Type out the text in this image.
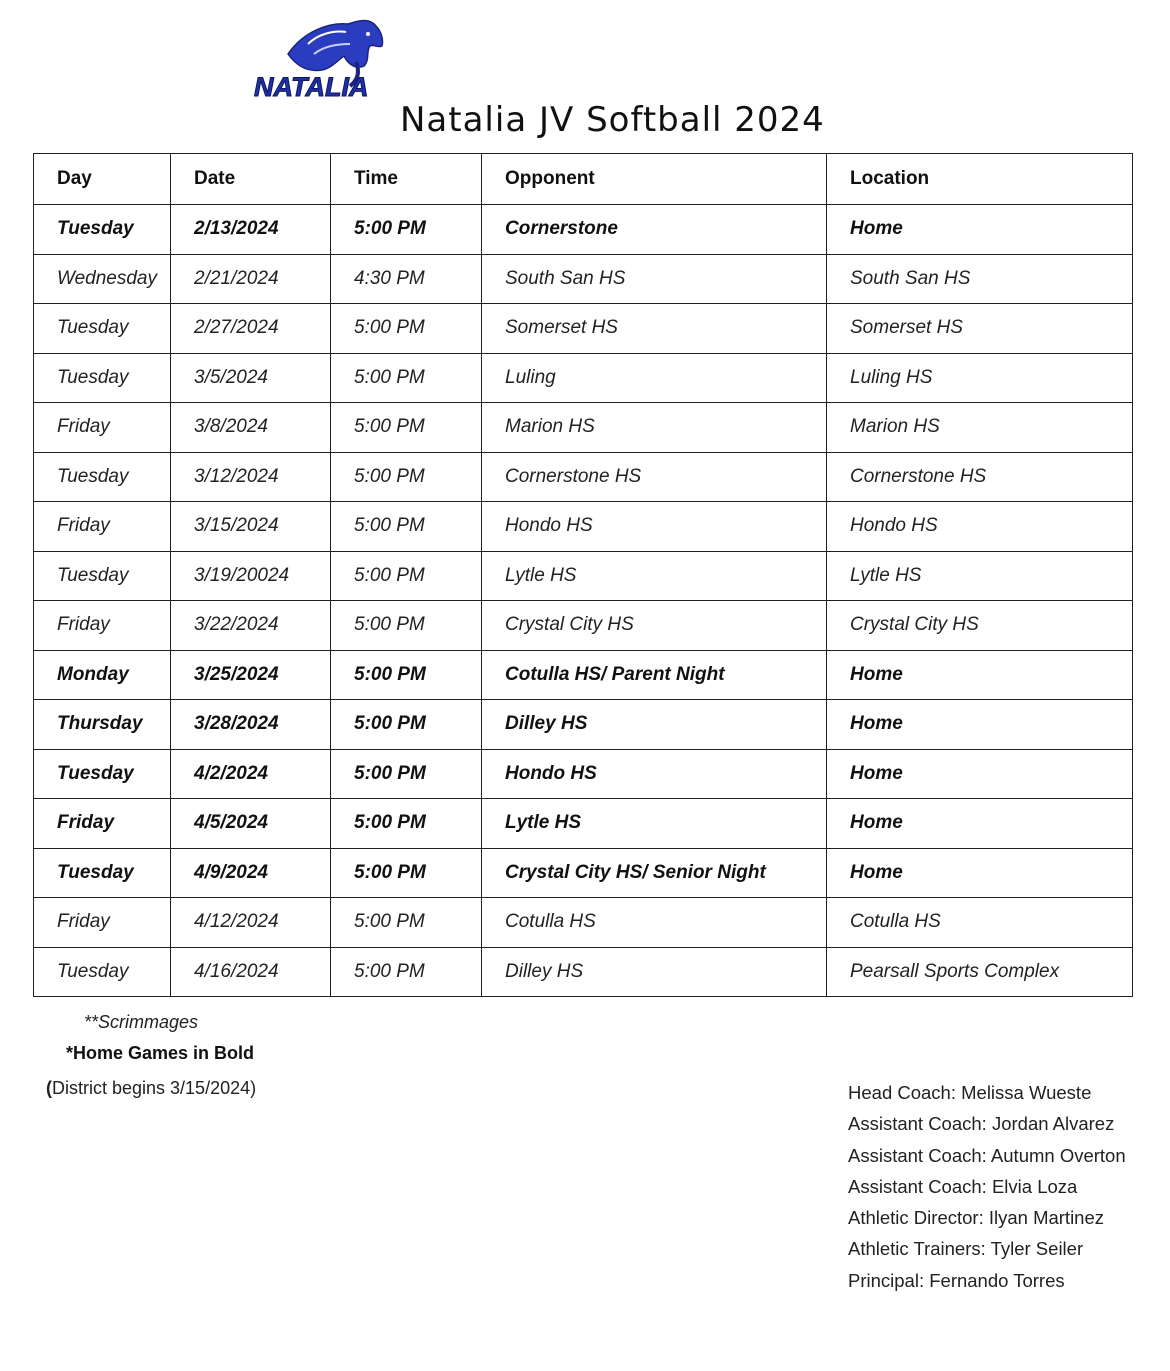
NATALIA
Natalia JV Softball 2024
Day	Date	Time	Opponent	Location
Tuesday	2/13/2024	5:00 PM	Cornerstone	Home
Wednesday	2/21/2024	4:30 PM	South San HS	South San HS
Tuesday	2/27/2024	5:00 PM	Somerset HS	Somerset HS
Tuesday	3/5/2024	5:00 PM	Luling	Luling HS
Friday	3/8/2024	5:00 PM	Marion HS	Marion HS
Tuesday	3/12/2024	5:00 PM	Cornerstone HS	Cornerstone HS
Friday	3/15/2024	5:00 PM	Hondo HS	Hondo HS
Tuesday	3/19/20024	5:00 PM	Lytle HS	Lytle HS
Friday	3/22/2024	5:00 PM	Crystal City HS	Crystal City HS
Monday	3/25/2024	5:00 PM	Cotulla HS/ Parent Night	Home
Thursday	3/28/2024	5:00 PM	Dilley HS	Home
Tuesday	4/2/2024	5:00 PM	Hondo HS	Home
Friday	4/5/2024	5:00 PM	Lytle HS	Home
Tuesday	4/9/2024	5:00 PM	Crystal City HS/ Senior Night	Home
Friday	4/12/2024	5:00 PM	Cotulla HS	Cotulla HS
Tuesday	4/16/2024	5:00 PM	Dilley HS	Pearsall Sports Complex
**Scrimmages
*Home Games in Bold
(District begins 3/15/2024)	Head Coach: Melissa Wueste
Assistant Coach: Jordan Alvarez
Assistant Coach: Autumn Overton
Assistant Coach: Elvia Loza
Athletic Director: Ilyan Martinez
Athletic Trainers: Tyler Seiler
Principal: Fernando Torres
